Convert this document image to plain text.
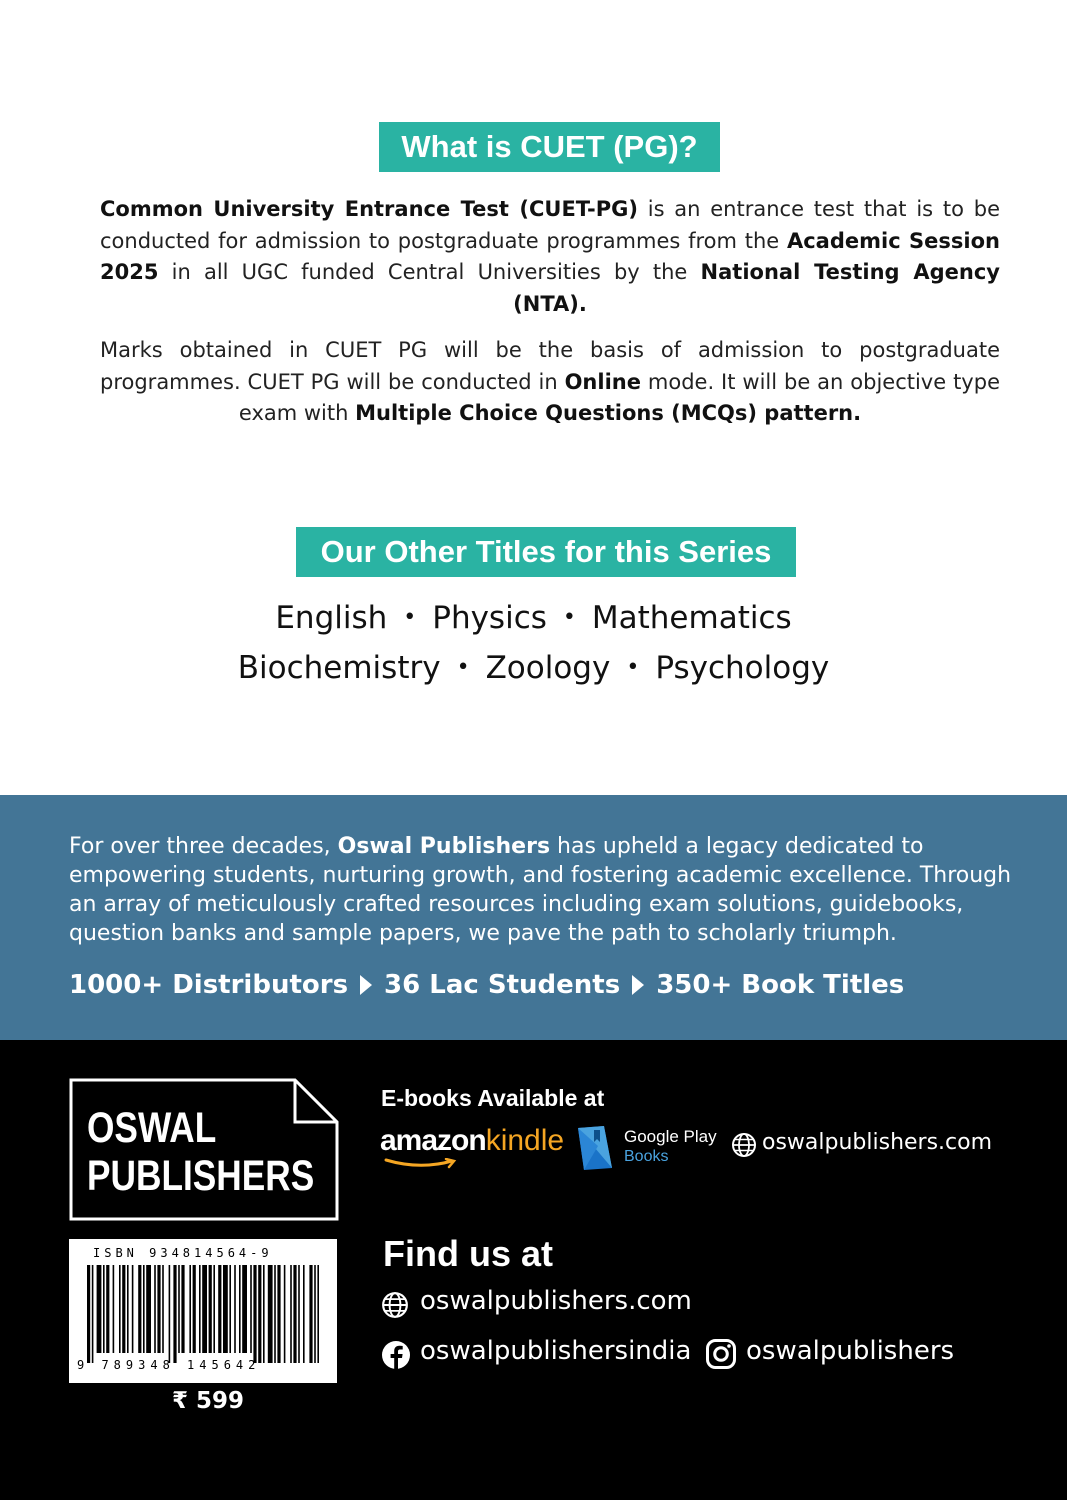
What is CUET (PG)?
Common University Entrance Test (CUET-PG) is an entrance test that is to be conducted for admission to postgraduate programmes from the Academic Session 2025 in all UGC funded Central Universities by the National Testing Agency (NTA).
Marks obtained in CUET PG will be the basis of admission to postgraduate programmes. CUET PG will be conducted in Online mode. It will be an objective type exam with Multiple Choice Questions (MCQs) pattern.
Our Other Titles for this Series
English • Physics • Mathematics
Biochemistry • Zoology • Psychology
For over three decades, Oswal Publishers has upheld a legacy dedicated to empowering students, nurturing growth, and fostering academic excellence. Through an array of meticulously crafted resources including exam solutions, guidebooks, question banks and sample papers, we pave the path to scholarly triumph.
1000+ Distributors 36 Lac Students 350+ Book Titles
OSWAL
PUBLISHERS
ISBN 934814564-9
9 789348 145642
₹ 599
E-books Available at
amazonkindle	Google Play
Books
oswalpublishers.com
Find us at
oswalpublishers.com
oswalpublishersindia oswalpublishers
